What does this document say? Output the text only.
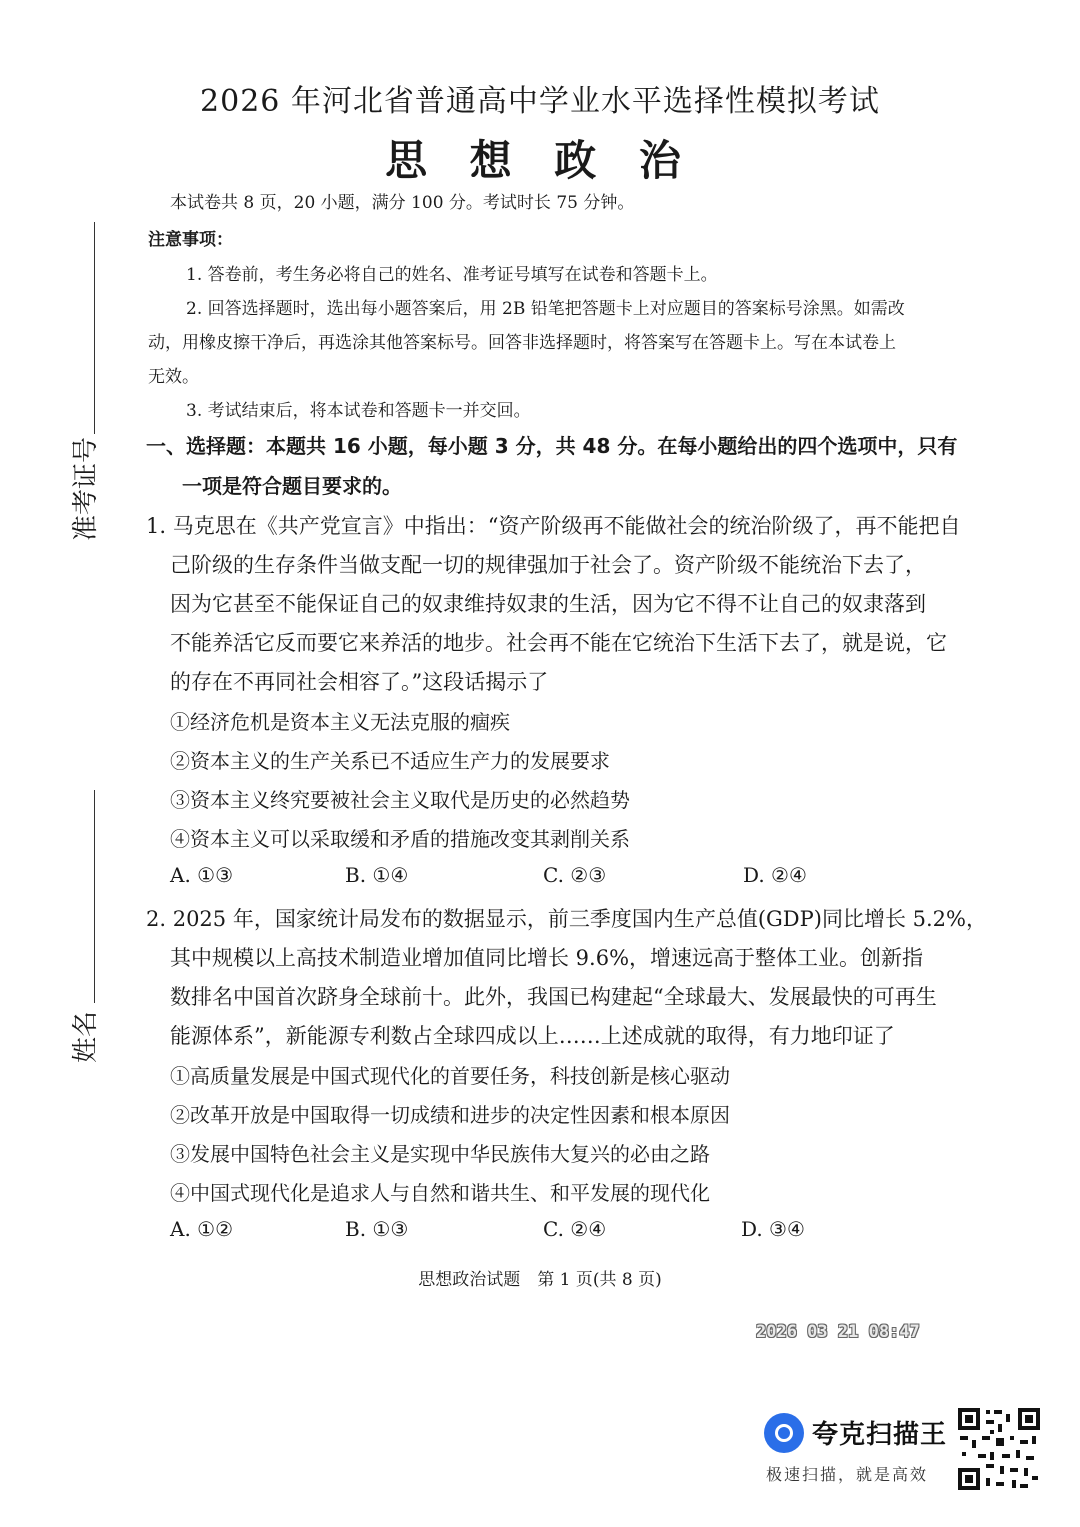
2026 年河北省普通高中学业水平选择性模拟考试
思 想 政 治
本试卷共 8 页，20 小题，满分 100 分。考试时长 75 分钟。
注意事项：
1. 答卷前，考生务必将自己的姓名、准考证号填写在试卷和答题卡上。
2. 回答选择题时，选出每小题答案后，用 2B 铅笔把答题卡上对应题目的答案标号涂黑。如需改
动，用橡皮擦干净后，再选涂其他答案标号。回答非选择题时，将答案写在答题卡上。写在本试卷上
无效。
3. 考试结束后，将本试卷和答题卡一并交回。
一、选择题：本题共 16 小题，每小题 3 分，共 48 分。在每小题给出的四个选项中，只有
一项是符合题目要求的。
1. 马克思在《共产党宣言》中指出：“资产阶级再不能做社会的统治阶级了，再不能把自
己阶级的生存条件当做支配一切的规律强加于社会了。资产阶级不能统治下去了，
因为它甚至不能保证自己的奴隶维持奴隶的生活，因为它不得不让自己的奴隶落到
不能养活它反而要它来养活的地步。社会再不能在它统治下生活下去了，就是说，它
的存在不再同社会相容了。”这段话揭示了
①经济危机是资本主义无法克服的痼疾
②资本主义的生产关系已不适应生产力的发展要求
③资本主义终究要被社会主义取代是历史的必然趋势
④资本主义可以采取缓和矛盾的措施改变其剥削关系
A. ①③	B. ①④	C. ②③	D. ②④
2. 2025 年，国家统计局发布的数据显示，前三季度国内生产总值(GDP)同比增长 5.2%，
其中规模以上高技术制造业增加值同比增长 9.6%，增速远高于整体工业。创新指
数排名中国首次跻身全球前十。此外，我国已构建起“全球最大、发展最快的可再生
能源体系”，新能源专利数占全球四成以上……上述成就的取得，有力地印证了
①高质量发展是中国式现代化的首要任务，科技创新是核心驱动
②改革开放是中国取得一切成绩和进步的决定性因素和根本原因
③发展中国特色社会主义是实现中华民族伟大复兴的必由之路
④中国式现代化是追求人与自然和谐共生、和平发展的现代化
A. ①②	B. ①③	C. ②④	D. ③④
准考证号
姓名
思想政治试题　第 1 页(共 8 页)
2026 03 21 08:47
夸克扫描王
极速扫描，就是高效
